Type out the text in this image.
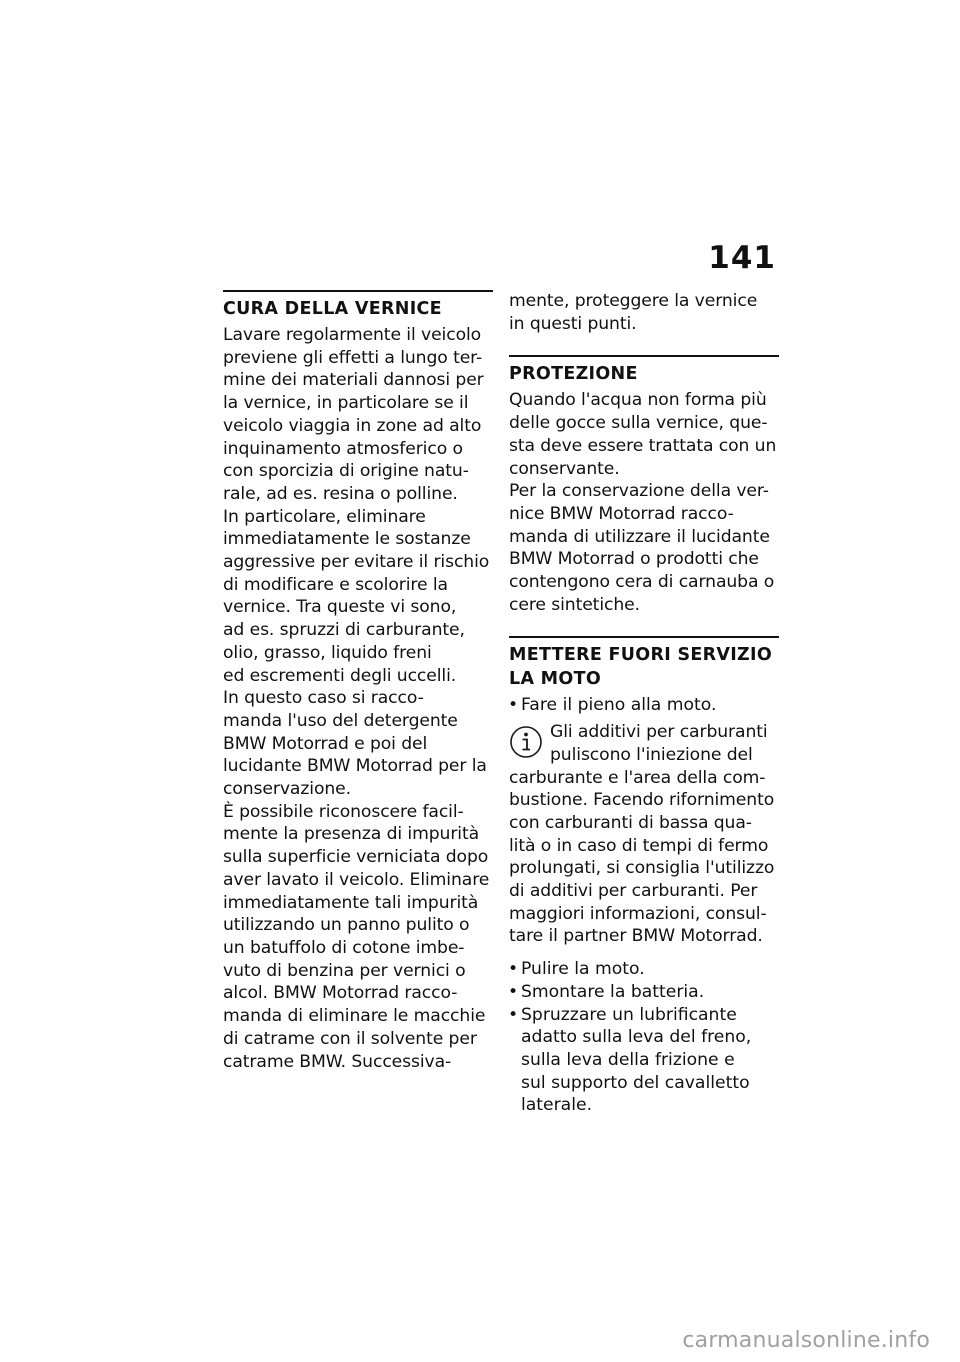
141
CURA DELLA VERNICE

Lavare regolarmente il veicolo

previene gli effetti a lungo ter-

mine dei materiali dannosi per

la vernice, in particolare se il

veicolo viaggia in zone ad alto

inquinamento atmosferico o

con sporcizia di origine natu-

rale, ad es. resina o polline.

In particolare, eliminare

immediatamente le sostanze

aggressive per evitare il rischio

di modificare e scolorire la

vernice. Tra queste vi sono,

ad es. spruzzi di carburante,

olio, grasso, liquido freni

ed escrementi degli uccelli.

In questo caso si racco-

manda l'uso del detergente

BMW Motorrad e poi del

lucidante BMW Motorrad per la

conservazione.

È possibile riconoscere facil-

mente la presenza di impurità

sulla superficie verniciata dopo

aver lavato il veicolo. Eliminare

immediatamente tali impurità

utilizzando un panno pulito o

un batuffolo di cotone imbe-

vuto di benzina per vernici o

alcol. BMW Motorrad racco-

manda di eliminare le macchie

di catrame con il solvente per

catrame BMW. Successiva-

mente, proteggere la vernice

in questi punti.

PROTEZIONE

Quando l'acqua non forma più

delle gocce sulla vernice, que-

sta deve essere trattata con un

conservante.

Per la conservazione della ver-

nice BMW Motorrad racco-

manda di utilizzare il lucidante

BMW Motorrad o prodotti che

contengono cera di carnauba o

cere sintetiche.

METTERE FUORI SERVIZIO
LA MOTO
• Fare il pieno alla moto.

Gli additivi per carburanti

puliscono l'iniezione del

carburante e l'area della com-

bustione. Facendo rifornimento

con carburanti di bassa qua-

lità o in caso di tempi di fermo

prolungati, si consiglia l'utilizzo

di additivi per carburanti. Per

maggiori informazioni, consul-

tare il partner BMW Motorrad.

• Pulire la moto.
• Smontare la batteria.
• Spruzzare un lubrificante
adatto sulla leva del freno,
sulla leva della frizione e
sul supporto del cavalletto
laterale.
carmanualsonline.info
